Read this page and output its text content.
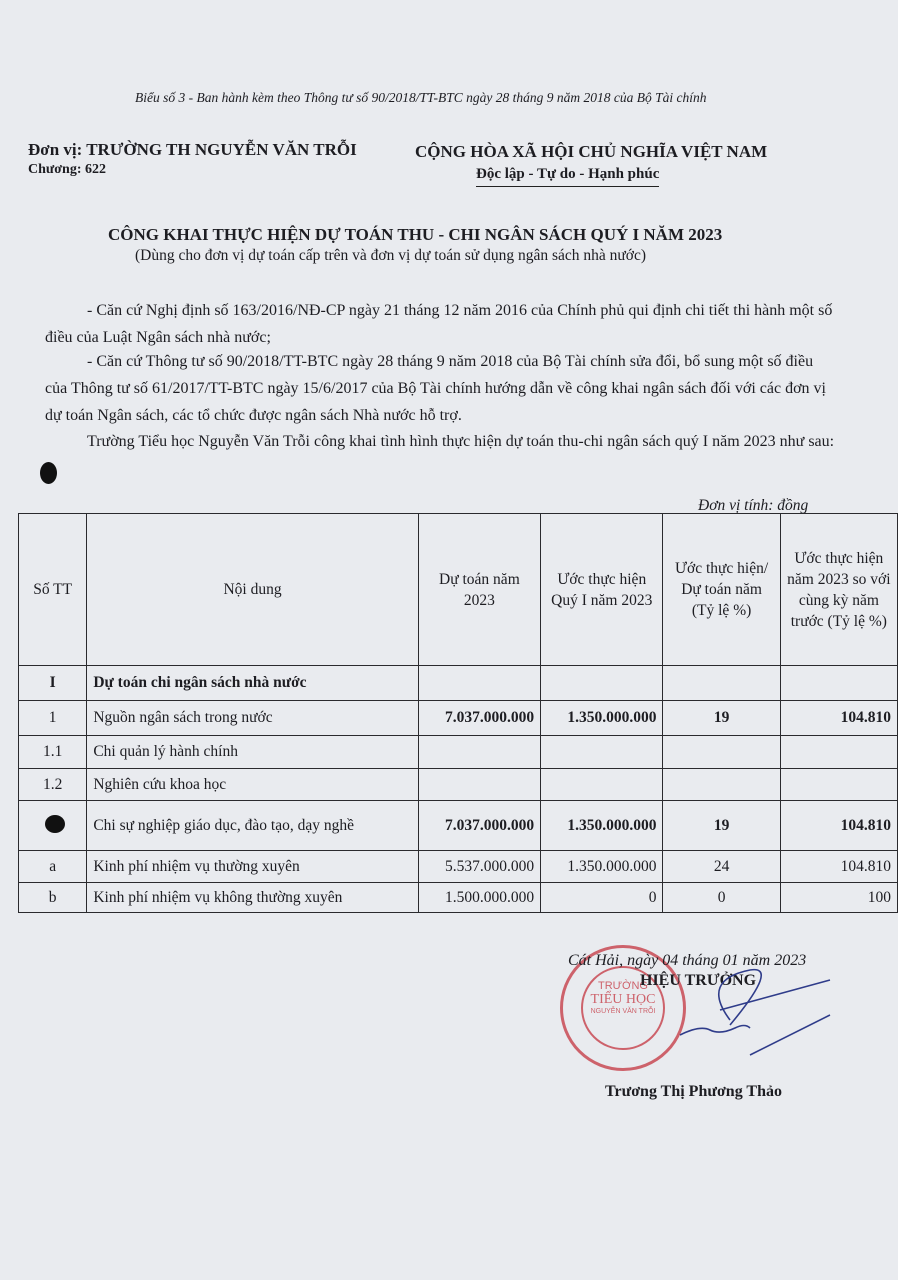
Biểu số 3 - Ban hành kèm theo Thông tư số 90/2018/TT-BTC ngày 28 tháng 9 năm 2018 của Bộ Tài chính
Đơn vị: TRƯỜNG TH NGUYỄN VĂN TRỖI
Chương: 622
CỘNG HÒA XÃ HỘI CHỦ NGHĨA VIỆT NAM
Độc lập - Tự do - Hạnh phúc
CÔNG KHAI THỰC HIỆN DỰ TOÁN THU - CHI NGÂN SÁCH QUÝ I NĂM 2023
(Dùng cho đơn vị dự toán cấp trên và đơn vị dự toán sử dụng ngân sách nhà nước)

- Căn cứ Nghị định số 163/2016/NĐ-CP ngày 21 tháng 12 năm 2016 của Chính phủ qui định chi tiết thi hành một số điều của Luật Ngân sách nhà nước;

- Căn cứ Thông tư số 90/2018/TT-BTC ngày 28 tháng 9 năm 2018 của Bộ Tài chính sửa đổi, bổ sung một số điều của Thông tư số 61/2017/TT-BTC ngày 15/6/2017 của Bộ Tài chính hướng dẫn về công khai ngân sách đối với các đơn vị dự toán Ngân sách, các tổ chức được ngân sách Nhà nước hỗ trợ.

Trường Tiểu học Nguyễn Văn Trỗi công khai tình hình thực hiện dự toán thu-chi ngân sách quý I năm 2023 như sau:

Đơn vị tính: đồng
Số TT	Nội dung	Dự toán năm 2023	Ước thực hiện Quý I năm 2023	Ước thực hiện/ Dự toán năm (Tỷ lệ %)	Ước thực hiện năm 2023 so với cùng kỳ năm trước (Tỷ lệ %)
I	Dự toán chi ngân sách nhà nước				
1	Nguồn ngân sách trong nước	7.037.000.000	1.350.000.000	19	104.810
1.1	Chi quản lý hành chính				
1.2	Nghiên cứu khoa học				
	Chi sự nghiệp giáo dục, đào tạo, dạy nghề	7.037.000.000	1.350.000.000	19	104.810
a	Kinh phí nhiệm vụ thường xuyên	5.537.000.000	1.350.000.000	24	104.810
b	Kinh phí nhiệm vụ không thường xuyên	1.500.000.000	0	0	100
TRƯỜNG
TIỂU HỌC
NGUYỄN VĂN TRỖI
Cát Hải, ngày 04 tháng 01 năm 2023
HIỆU TRƯỞNG
Trương Thị Phương Thảo
